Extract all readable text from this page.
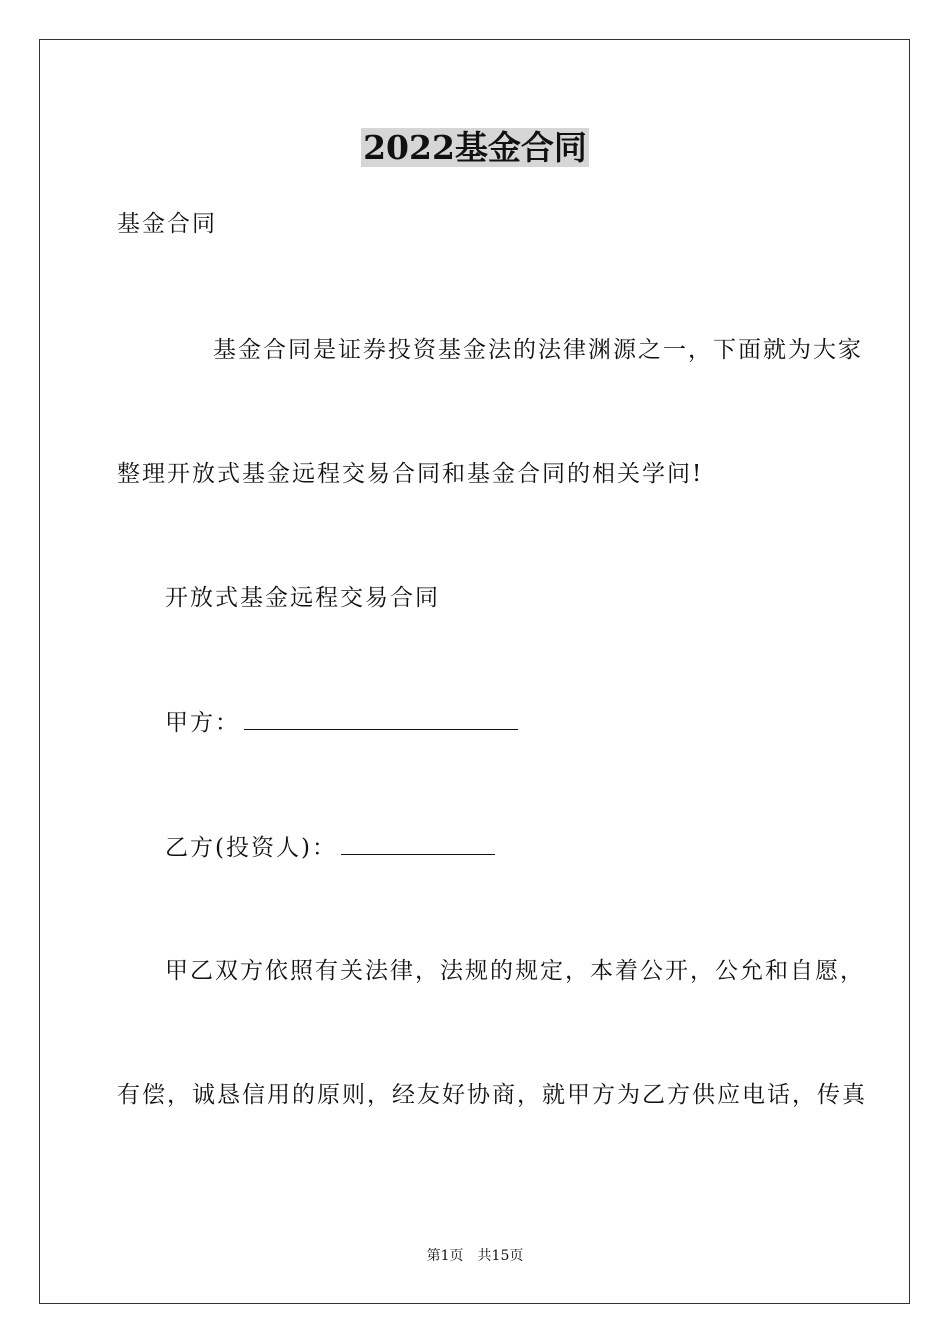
2022基金合同
基金合同
基金合同是证券投资基金法的法律渊源之一，下面就为大家
整理开放式基金远程交易合同和基金合同的相关学问!
开放式基金远程交易合同
甲方：
乙方(投资人)：
甲乙双方依照有关法律，法规的规定，本着公开，公允和自愿，
有偿，诚恳信用的原则，经友好协商，就甲方为乙方供应电话，传真
第1页 共15页
